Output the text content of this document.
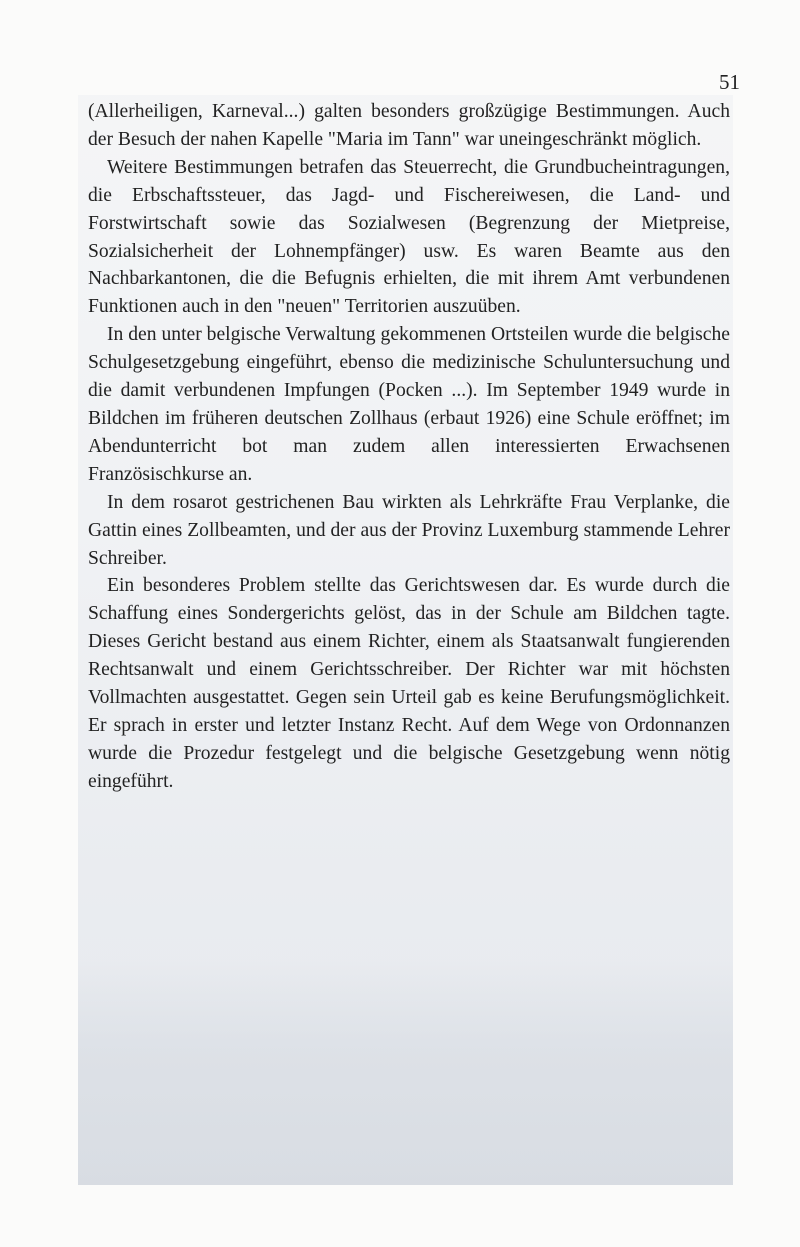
51

(Allerheiligen, Karneval...) galten besonders großzügige Bestimmungen. Auch der Besuch der nahen Kapelle "Maria im Tann" war uneingeschränkt möglich.

Weitere Bestimmungen betrafen das Steuerrecht, die Grundbucheintragungen, die Erbschaftssteuer, das Jagd- und Fischereiwesen, die Land- und Forstwirtschaft sowie das Sozialwesen (Begrenzung der Mietpreise, Sozialsicherheit der Lohnempfänger) usw. Es waren Beamte aus den Nachbarkantonen, die die Befugnis erhielten, die mit ihrem Amt verbundenen Funktionen auch in den "neuen" Territorien auszuüben.

In den unter belgische Verwaltung gekommenen Ortsteilen wurde die belgische Schulgesetzgebung eingeführt, ebenso die medizinische Schuluntersuchung und die damit verbundenen Impfungen (Pocken ...). Im September 1949 wurde in Bildchen im früheren deutschen Zollhaus (erbaut 1926) eine Schule eröffnet; im Abendunterricht bot man zudem allen interessierten Erwachsenen Französischkurse an.

In dem rosarot gestrichenen Bau wirkten als Lehrkräfte Frau Verplanke, die Gattin eines Zollbeamten, und der aus der Provinz Luxemburg stammende Lehrer Schreiber.

Ein besonderes Problem stellte das Gerichtswesen dar. Es wurde durch die Schaffung eines Sondergerichts gelöst, das in der Schule am Bildchen tagte. Dieses Gericht bestand aus einem Richter, einem als Staatsanwalt fungierenden Rechtsanwalt und einem Gerichtsschreiber. Der Richter war mit höchsten Vollmachten ausgestattet. Gegen sein Urteil gab es keine Berufungsmöglichkeit. Er sprach in erster und letzter Instanz Recht. Auf dem Wege von Ordonnanzen wurde die Prozedur festgelegt und die belgische Gesetzgebung wenn nötig eingeführt.
